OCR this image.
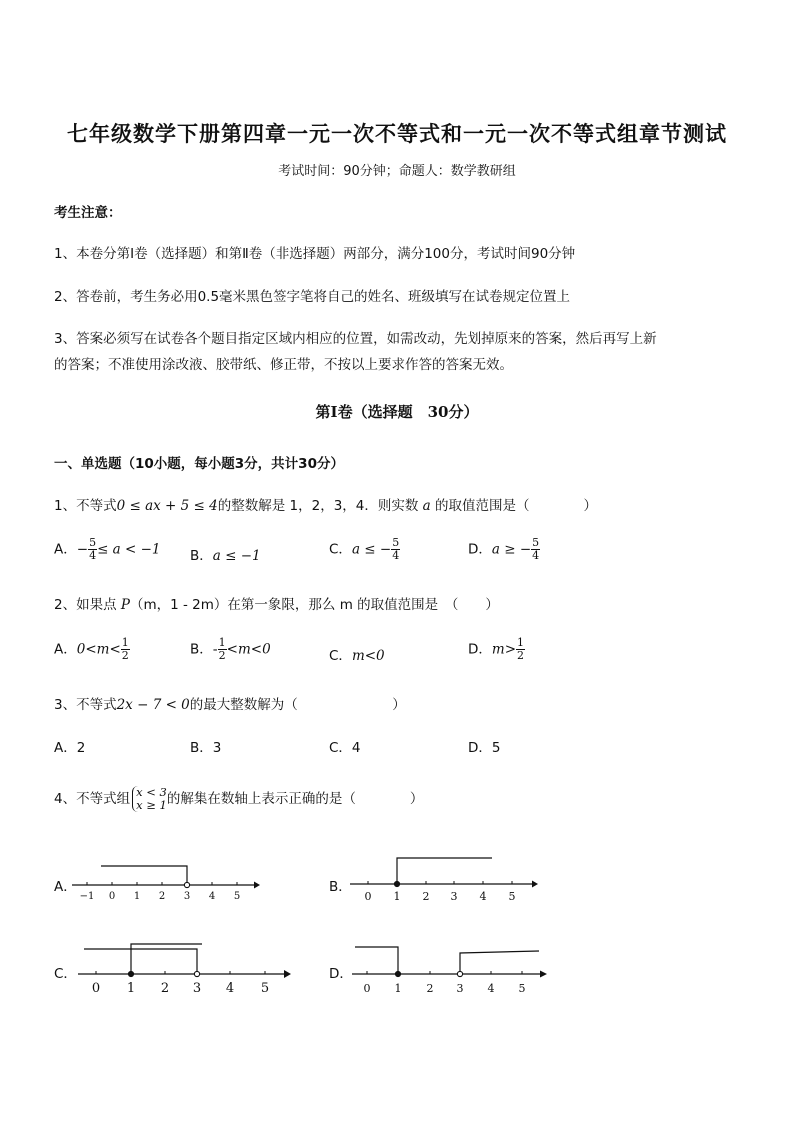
七年级数学下册第四章一元一次不等式和一元一次不等式组章节测试
考试时间：90分钟；命题人：数学教研组
考生注意：
1、本卷分第Ⅰ卷（选择题）和第Ⅱ卷（非选择题）两部分，满分100分，考试时间90分钟
2、答卷前，考生务必用0.5毫米黑色签字笔将自己的姓名、班级填写在试卷规定位置上
3、答案必须写在试卷各个题目指定区域内相应的位置，如需改动，先划掉原来的答案，然后再写上新
的答案；不准使用涂改液、胶带纸、修正带，不按以上要求作答的答案无效。
第Ⅰ卷（选择题　30分）
一、单选题（10小题，每小题3分，共计30分）
1、不等式0 ≤ ax + 5 ≤ 4的整数解是 1，2，3，4．则实数 a 的取值范围是（　　　　）
A．− $\frac{5}{4} \le a < -1$ B．a ≤ −1	C．a ≤ − $\frac{5}{4}$	D．a ≥ − $\frac{5}{4}$
2、如果点 P（m，1 - 2m）在第一象限，那么 m 的取值范围是　（　　）
A．$0<m< \frac{1}{2}$	B．- $\frac{1}{2} <m<0$	C．m<0	D．$m> \frac{1}{2}$
3、不等式2x − 7 < 0的最大整数解为（　　　　　　　）
A．2	B．3	C．4	D．5
4、不等式组 x < 3
x ≥ 1 的解集在数轴上表示正确的是（　　　　）
A．	B．
C．	D．
−1 0 1 2 3 4 5	0 1 2 3 4 5
0 1 2 3 4 5	0 1 2 3 4 5
